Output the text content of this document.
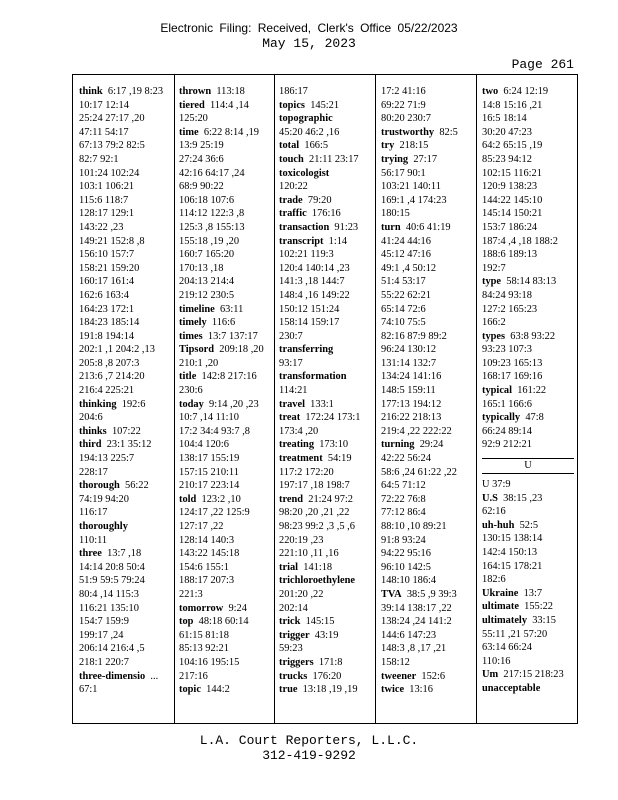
Electronic Filing: Received, Clerk's Office 05/22/2023
May 15, 2023
Page 261
think 6:17 ,19 8:23
10:17 12:14
25:24 27:17 ,20
47:11 54:17
67:13 79:2 82:5
82:7 92:1
101:24 102:24
103:1 106:21
115:6 118:7
128:17 129:1
143:22 ,23
149:21 152:8 ,8
156:10 157:7
158:21 159:20
160:17 161:4
162:6 163:4
164:23 172:1
184:23 185:14
191:8 194:14
202:1 ,1 204:2 ,13
205:8 ,8 207:3
213:6 ,7 214:20
216:4 225:21
thinking 192:6
204:6
thinks 107:22
third 23:1 35:12
194:13 225:7
228:17
thorough 56:22
74:19 94:20
116:17
thoroughly
110:11
three 13:7 ,18
14:14 20:8 50:4
51:9 59:5 79:24
80:4 ,14 115:3
116:21 135:10
154:7 159:9
199:17 ,24
206:14 216:4 ,5
218:1 220:7
three-dimensio ...
67:1
thrown 113:18
tiered 114:4 ,14
125:20
time 6:22 8:14 ,19
13:9 25:19
27:24 36:6
42:16 64:17 ,24
68:9 90:22
106:18 107:6
114:12 122:3 ,8
125:3 ,8 155:13
155:18 ,19 ,20
160:7 165:20
170:13 ,18
204:13 214:4
219:12 230:5
timeline 63:11
timely 116:6
times 13:7 137:17
Tipsord 209:18 ,20
210:1 ,20
title 142:8 217:16
230:6
today 9:14 ,20 ,23
10:7 ,14 11:10
17:2 34:4 93:7 ,8
104:4 120:6
138:17 155:19
157:15 210:11
210:17 223:14
told 123:2 ,10
124:17 ,22 125:9
127:17 ,22
128:14 140:3
143:22 145:18
154:6 155:1
188:17 207:3
221:3
tomorrow 9:24
top 48:18 60:14
61:15 81:18
85:13 92:21
104:16 195:15
217:16
topic 144:2
186:17
topics 145:21
topographic
45:20 46:2 ,16
total 166:5
touch 21:11 23:17
toxicologist
120:22
trade 79:20
traffic 176:16
transaction 91:23
transcript 1:14
102:21 119:3
120:4 140:14 ,23
141:3 ,18 144:7
148:4 ,16 149:22
150:12 151:24
158:14 159:17
230:7
transferring
93:17
transformation
114:21
travel 133:1
treat 172:24 173:1
173:4 ,20
treating 173:10
treatment 54:19
117:2 172:20
197:17 ,18 198:7
trend 21:24 97:2
98:20 ,20 ,21 ,22
98:23 99:2 ,3 ,5 ,6
220:19 ,23
221:10 ,11 ,16
trial 141:18
trichloroethylene
201:20 ,22
202:14
trick 145:15
trigger 43:19
59:23
triggers 171:8
trucks 176:20
true 13:18 ,19 ,19
17:2 41:16
69:22 71:9
80:20 230:7
trustworthy 82:5
try 218:15
trying 27:17
56:17 90:1
103:21 140:11
169:1 ,4 174:23
180:15
turn 40:6 41:19
41:24 44:16
45:12 47:16
49:1 ,4 50:12
51:4 53:17
55:22 62:21
65:14 72:6
74:10 75:5
82:16 87:9 89:2
96:24 130:12
131:14 132:7
134:24 141:16
148:5 159:11
177:13 194:12
216:22 218:13
219:4 ,22 222:22
turning 29:24
42:22 56:24
58:6 ,24 61:22 ,22
64:5 71:12
72:22 76:8
77:12 86:4
88:10 ,10 89:21
91:8 93:24
94:22 95:16
96:10 142:5
148:10 186:4
TVA 38:5 ,9 39:3
39:14 138:17 ,22
138:24 ,24 141:2
144:6 147:23
148:3 ,8 ,17 ,21
158:12
tweener 152:6
twice 13:16
two 6:24 12:19
14:8 15:16 ,21
16:5 18:14
30:20 47:23
64:2 65:15 ,19
85:23 94:12
102:15 116:21
120:9 138:23
144:22 145:10
145:14 150:21
153:7 186:24
187:4 ,4 ,18 188:2
188:6 189:13
192:7
type 58:14 83:13
84:24 93:18
127:2 165:23
166:2
types 63:8 93:22
93:23 107:3
109:23 165:13
168:17 169:16
typical 161:22
165:1 166:6
typically 47:8
66:24 89:14
92:9 212:21
U
U 37:9
U.S 38:15 ,23
62:16
uh-huh 52:5
130:15 138:14
142:4 150:13
164:15 178:21
182:6
Ukraine 13:7
ultimate 155:22
ultimately 33:15
55:11 ,21 57:20
63:14 66:24
110:16
Um 217:15 218:23
unacceptable
L.A. Court Reporters, L.L.C.
312-419-9292
